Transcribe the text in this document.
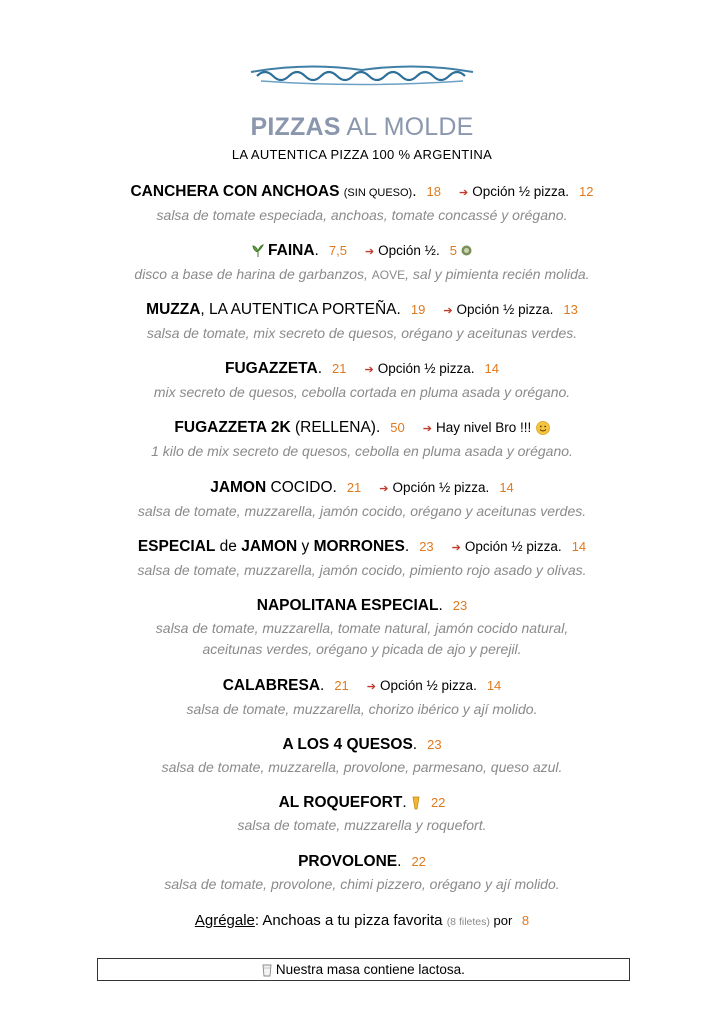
PIZZAS AL MOLDE
LA AUTENTICA PIZZA 100 % ARGENTINA
CANCHERA CON ANCHOAS (SIN QUESO). 18 ➔ Opción ½ pizza. 12
salsa de tomate especiada, anchoas, tomate concassé y orégano.
FAINA. 7,5 ➔ Opción ½. 5
disco a base de harina de garbanzos, AOVE, sal y pimienta recién molida.
MUZZA, LA AUTENTICA PORTEÑA. 19 ➔ Opción ½ pizza. 13
salsa de tomate, mix secreto de quesos, orégano y aceitunas verdes.
FUGAZZETA. 21 ➔ Opción ½ pizza. 14
mix secreto de quesos, cebolla cortada en pluma asada y orégano.
FUGAZZETA 2K (RELLENA). 50 ➔ Hay nivel Bro !!!
1 kilo de mix secreto de quesos, cebolla en pluma asada y orégano.
JAMON COCIDO. 21 ➔ Opción ½ pizza. 14
salsa de tomate, muzzarella, jamón cocido, orégano y aceitunas verdes.
ESPECIAL de JAMON y MORRONES. 23 ➔ Opción ½ pizza. 14
salsa de tomate, muzzarella, jamón cocido, pimiento rojo asado y olivas.
NAPOLITANA ESPECIAL. 23
salsa de tomate, muzzarella, tomate natural, jamón cocido natural,
aceitunas verdes, orégano y picada de ajo y perejil.
CALABRESA. 21 ➔ Opción ½ pizza. 14
salsa de tomate, muzzarella, chorizo ibérico y ají molido.
A LOS 4 QUESOS. 23
salsa de tomate, muzzarella, provolone, parmesano, queso azul.
AL ROQUEFORT. 22
salsa de tomate, muzzarella y roquefort.
PROVOLONE. 22
salsa de tomate, provolone, chimi pizzero, orégano y ají molido.
Agrégale: Anchoas a tu pizza favorita (8 filetes) por 8
Nuestra masa contiene lactosa.
